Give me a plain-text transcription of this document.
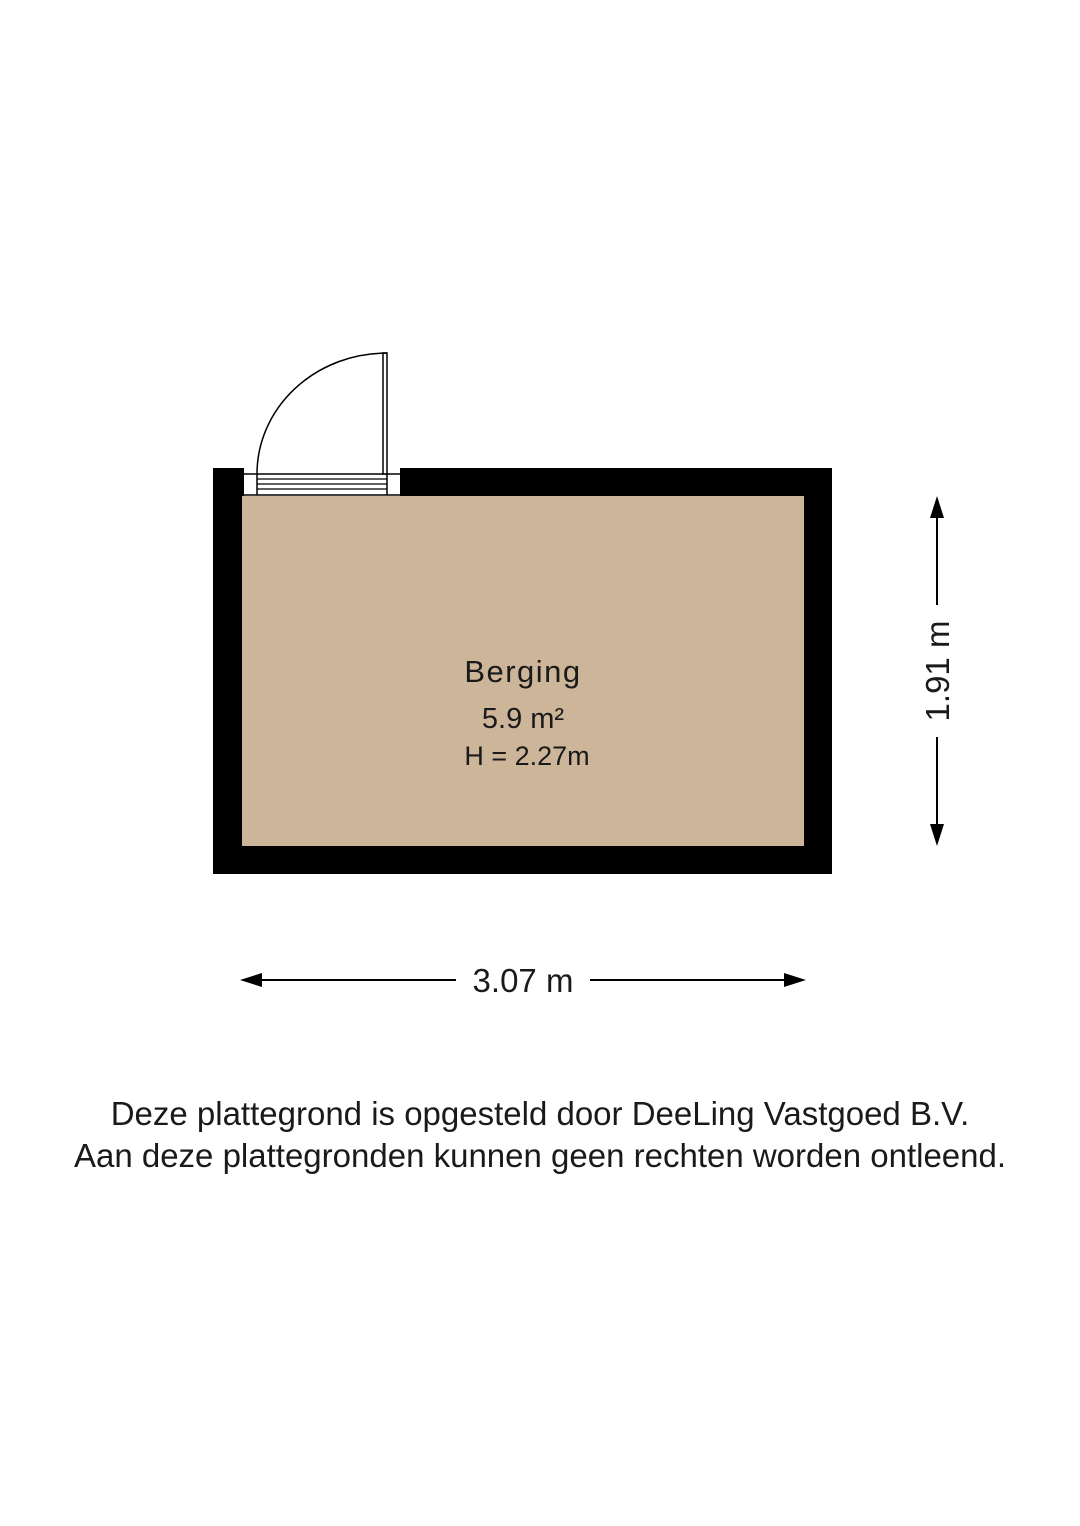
Berging
5.9 m²
H = 2.27m
3.07 m
1.91 m
Deze plattegrond is opgesteld door DeeLing Vastgoed B.V.
Aan deze plattegronden kunnen geen rechten worden ontleend.
